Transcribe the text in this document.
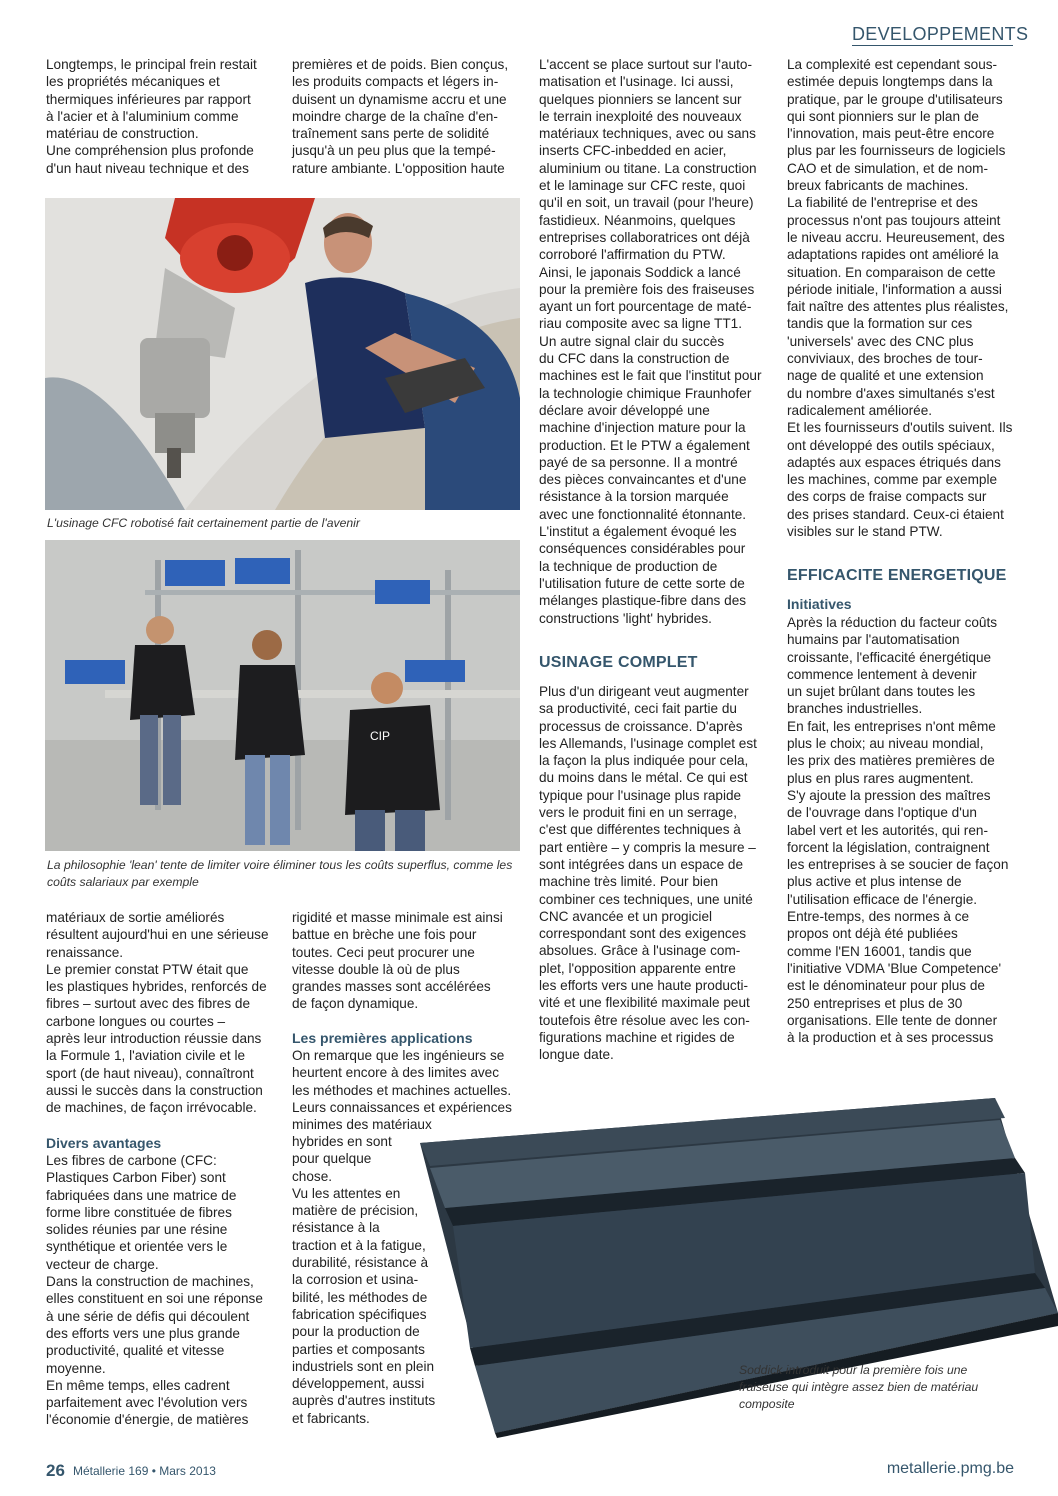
DEVELOPPEMENTS
Longtemps, le principal frein restait
les propriétés mécaniques et
thermiques inférieures par rapport
à l'acier et à l'aluminium comme
matériau de construction.
Une compréhension plus profonde
d'un haut niveau technique et des
premières et de poids. Bien conçus,
les produits compacts et légers in-
duisent un dynamisme accru et une
moindre charge de la chaîne d'en-
traînement sans perte de solidité
jusqu'à un peu plus que la tempé-
rature ambiante. L'opposition haute
L'usinage CFC robotisé fait certainement partie de l'avenir
CIP
La philosophie 'lean' tente de limiter voire éliminer tous les coûts superflus, comme les
coûts salariaux par exemple
matériaux de sortie améliorés
résultent aujourd'hui en une sérieuse
renaissance.
Le premier constat PTW était que
les plastiques hybrides, renforcés de
fibres – surtout avec des fibres de
carbone longues ou courtes –
après leur introduction réussie dans
la Formule 1, l'aviation civile et le
sport (de haut niveau), connaîtront
aussi le succès dans la construction
de machines, de façon irrévocable.
Divers avantages
Les fibres de carbone (CFC:
Plastiques Carbon Fiber) sont
fabriquées dans une matrice de
forme libre constituée de fibres
solides réunies par une résine
synthétique et orientée vers le
vecteur de charge.
Dans la construction de machines,
elles constituent en soi une réponse
à une série de défis qui découlent
des efforts vers une plus grande
productivité, qualité et vitesse
moyenne.
En même temps, elles cadrent
parfaitement avec l'évolution vers
l'économie d'énergie, de matières
rigidité et masse minimale est ainsi
battue en brèche une fois pour
toutes. Ceci peut procurer une
vitesse double là où de plus
grandes masses sont accélérées
de façon dynamique.
Les premières applications
On remarque que les ingénieurs se
heurtent encore à des limites avec
les méthodes et machines actuelles.
Leurs connaissances et expériences
minimes des matériaux
hybrides en sont
pour quelque
chose.
Vu les attentes en
matière de précision,
résistance à la
traction et à la fatigue,
durabilité, résistance à
la corrosion et usina-
bilité, les méthodes de
fabrication spécifiques
pour la production de
parties et composants
industriels sont en plein
développement, aussi
auprès d'autres instituts
et fabricants.
L'accent se place surtout sur l'auto-
matisation et l'usinage. Ici aussi,
quelques pionniers se lancent sur
le terrain inexploité des nouveaux
matériaux techniques, avec ou sans
inserts CFC-inbedded en acier,
aluminium ou titane. La construction
et le laminage sur CFC reste, quoi
qu'il en soit, un travail (pour l'heure)
fastidieux. Néanmoins, quelques
entreprises collaboratrices ont déjà
corroboré l'affirmation du PTW.
Ainsi, le japonais Soddick a lancé
pour la première fois des fraiseuses
ayant un fort pourcentage de maté-
riau composite avec sa ligne TT1.
Un autre signal clair du succès
du CFC dans la construction de
machines est le fait que l'institut pour
la technologie chimique Fraunhofer
déclare avoir développé une
machine d'injection mature pour la
production. Et le PTW a également
payé de sa personne. Il a montré
des pièces convaincantes et d'une
résistance à la torsion marquée
avec une fonctionnalité étonnante.
L'institut a également évoqué les
conséquences considérables pour
la technique de production de
l'utilisation future de cette sorte de
mélanges plastique-fibre dans des
constructions 'light' hybrides.
USINAGE COMPLET
Plus d'un dirigeant veut augmenter
sa productivité, ceci fait partie du
processus de croissance. D'après
les Allemands, l'usinage complet est
la façon la plus indiquée pour cela,
du moins dans le métal. Ce qui est
typique pour l'usinage plus rapide
vers le produit fini en un serrage,
c'est que différentes techniques à
part entière – y compris la mesure –
sont intégrées dans un espace de
machine très limité. Pour bien
combiner ces techniques, une unité
CNC avancée et un progiciel
correspondant sont des exigences
absolues. Grâce à l'usinage com-
plet, l'opposition apparente entre
les efforts vers une haute producti-
vité et une flexibilité maximale peut
toutefois être résolue avec les con-
figurations machine et rigides de
longue date.
La complexité est cependant sous-
estimée depuis longtemps dans la
pratique, par le groupe d'utilisateurs
qui sont pionniers sur le plan de
l'innovation, mais peut-être encore
plus par les fournisseurs de logiciels
CAO et de simulation, et de nom-
breux fabricants de machines.
La fiabilité de l'entreprise et des
processus n'ont pas toujours atteint
le niveau accru. Heureusement, des
adaptations rapides ont amélioré la
situation. En comparaison de cette
période initiale, l'information a aussi
fait naître des attentes plus réalistes,
tandis que la formation sur ces
'universels' avec des CNC plus
conviviaux, des broches de tour-
nage de qualité et une extension
du nombre d'axes simultanés s'est
radicalement améliorée.
Et les fournisseurs d'outils suivent. Ils
ont développé des outils spéciaux,
adaptés aux espaces étriqués dans
les machines, comme par exemple
des corps de fraise compacts sur
des prises standard. Ceux-ci étaient
visibles sur le stand PTW.
EFFICACITE ENERGETIQUE
Initiatives
Après la réduction du facteur coûts
humains par l'automatisation
croissante, l'efficacité énergétique
commence lentement à devenir
un sujet brûlant dans toutes les
branches industrielles.
En fait, les entreprises n'ont même
plus le choix; au niveau mondial,
les prix des matières premières de
plus en plus rares augmentent.
S'y ajoute la pression des maîtres
de l'ouvrage dans l'optique d'un
label vert et les autorités, qui ren-
forcent la législation, contraignent
les entreprises à se soucier de façon
plus active et plus intense de
l'utilisation efficace de l'énergie.
Entre-temps, des normes à ce
propos ont déjà été publiées
comme l'EN 16001, tandis que
l'initiative VDMA 'Blue Competence'
est le dénominateur pour plus de
250 entreprises et plus de 30
organisations. Elle tente de donner
à la production et à ses processus
Soddick introduit pour la première fois une
fraiseuse qui intègre assez bien de matériau
composite
26 Métallerie 169 • Mars 2013	metallerie.pmg.be
